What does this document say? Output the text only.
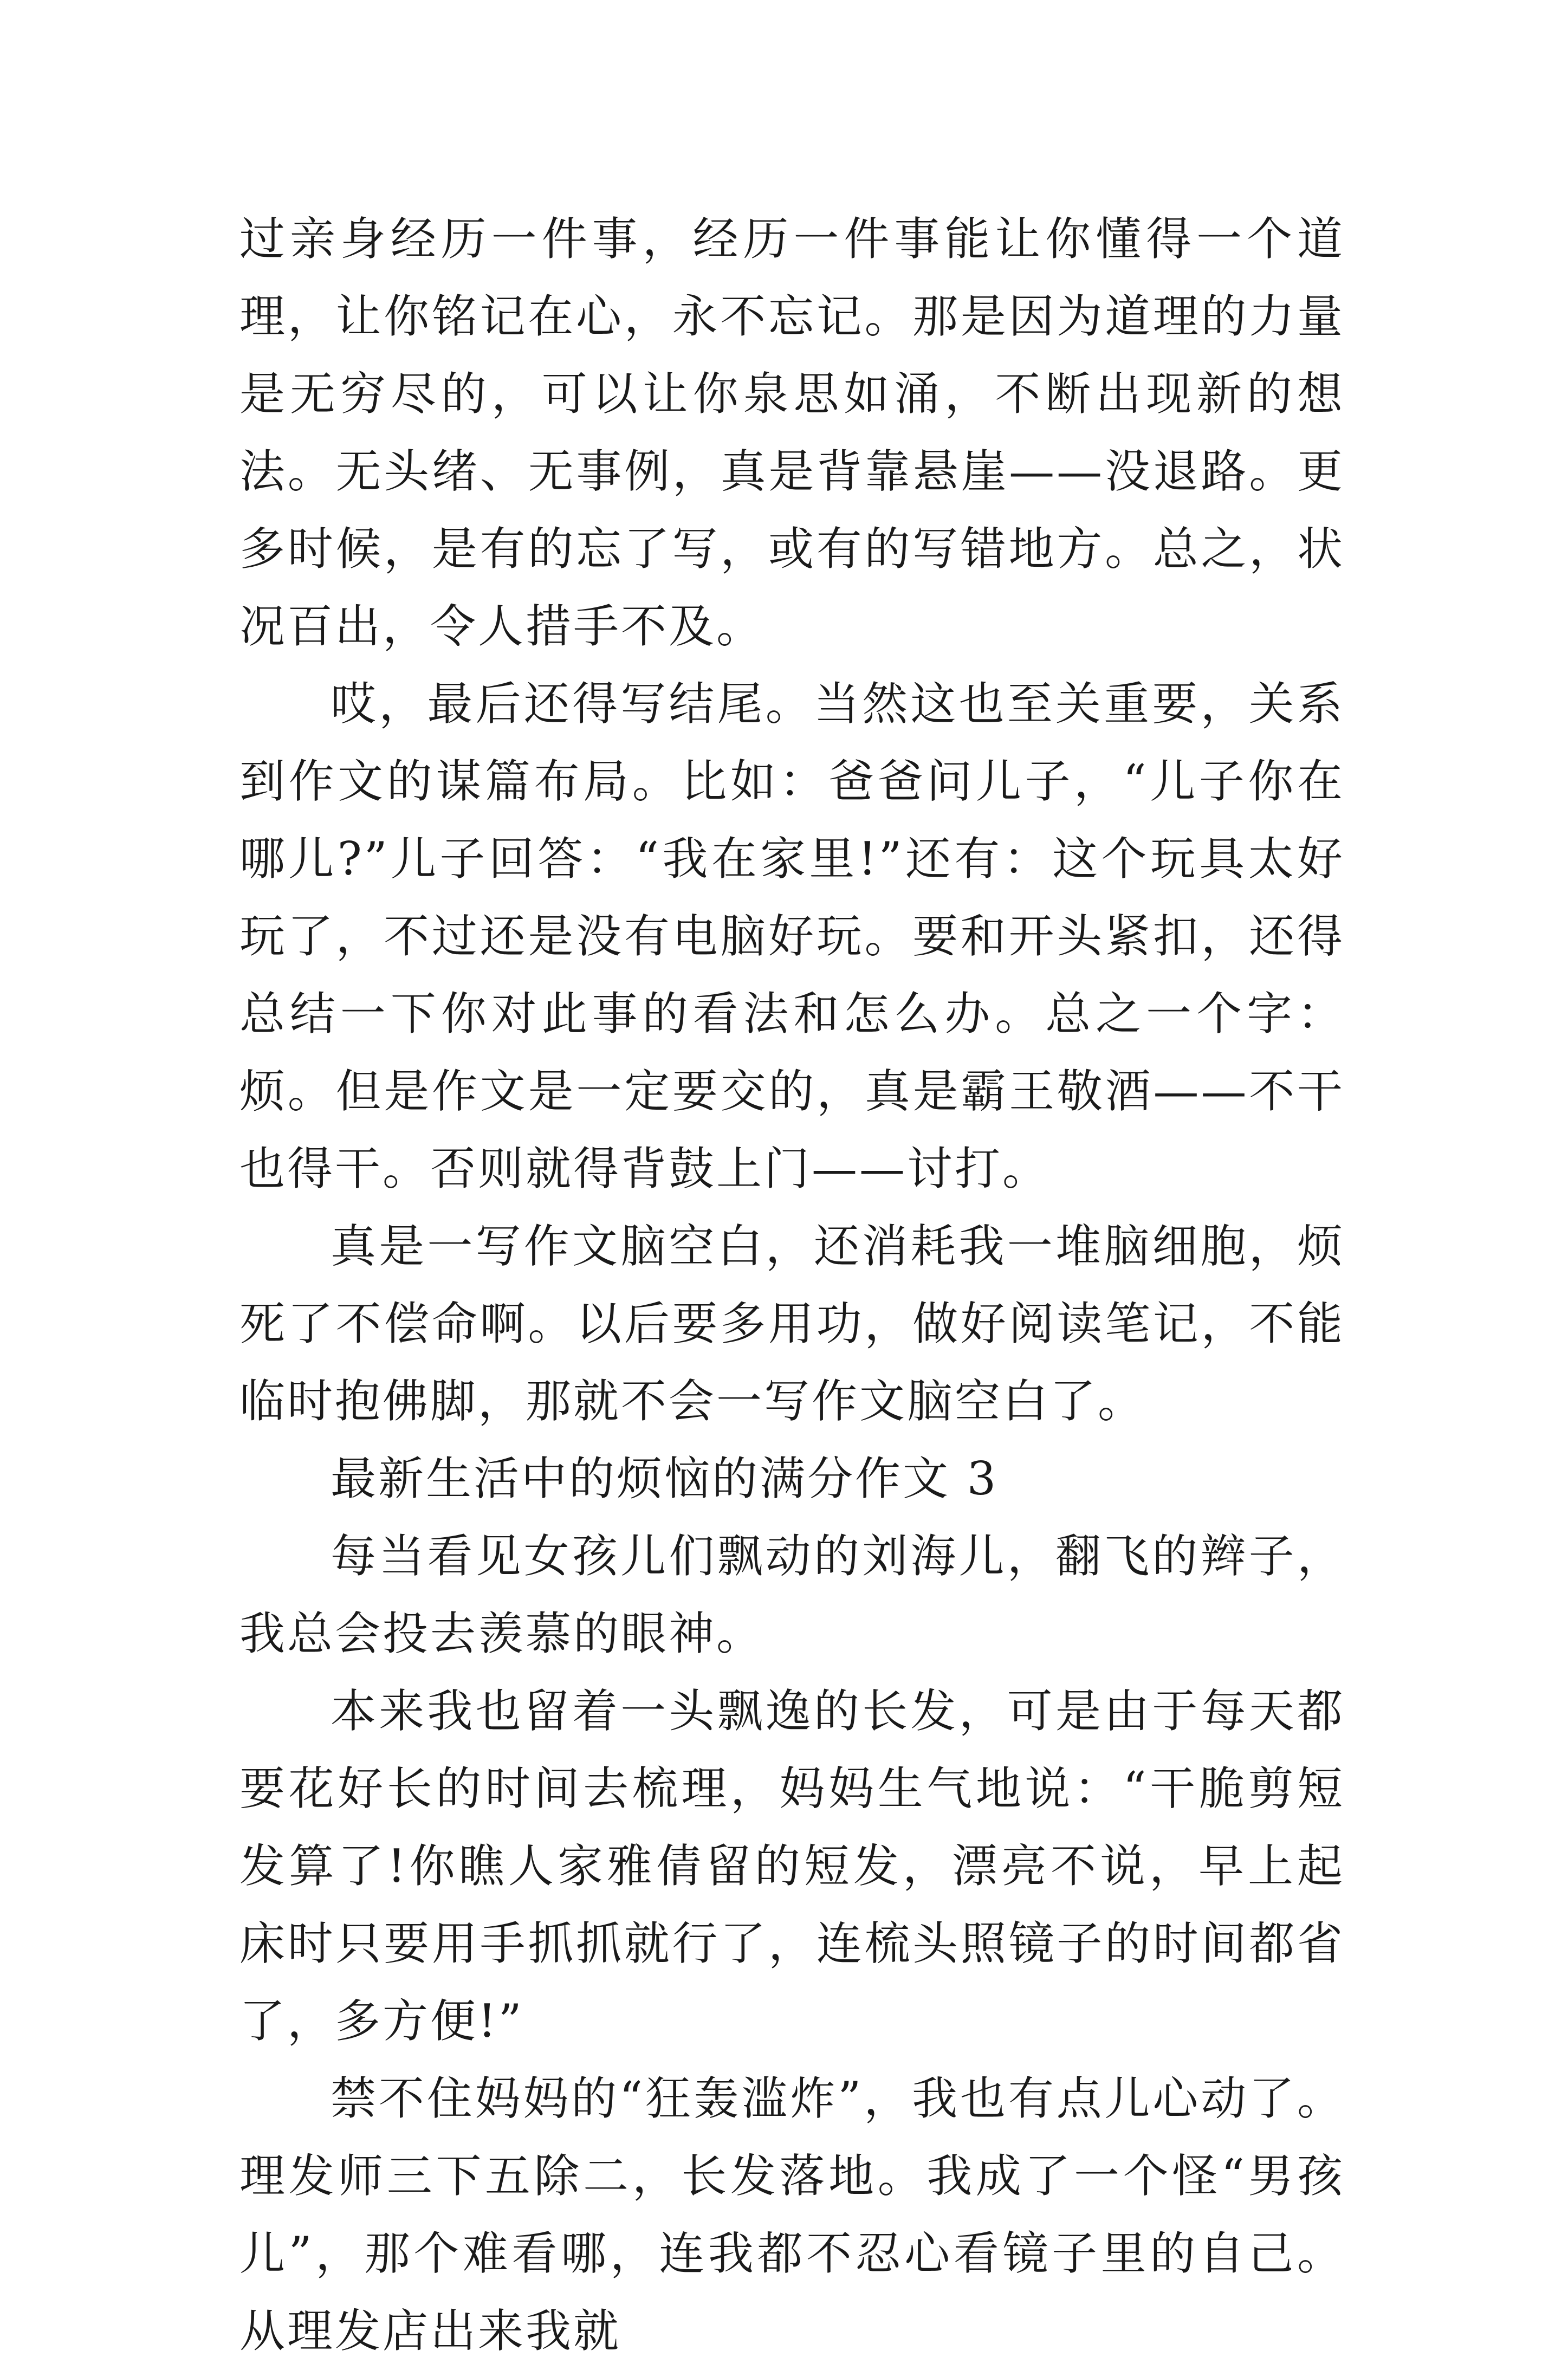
过亲身经历一件事，经历一件事能让你懂得一个道理，让你铭记在心，永不忘记。那是因为道理的力量是无穷尽的，可以让你泉思如涌，不断出现新的想法。无头绪、无事例，真是背靠悬崖——没退路。更多时候，是有的忘了写，或有的写错地方。总之，状况百出，令人措手不及。

哎，最后还得写结尾。当然这也至关重要，关系到作文的谋篇布局。比如：爸爸问儿子，“儿子你在哪儿?”儿子回答：“我在家里!”还有：这个玩具太好玩了，不过还是没有电脑好玩。要和开头紧扣，还得总结一下你对此事的看法和怎么办。总之一个字：烦。但是作文是一定要交的，真是霸王敬酒——不干也得干。否则就得背鼓上门——讨打。

真是一写作文脑空白，还消耗我一堆脑细胞，烦死了不偿命啊。以后要多用功，做好阅读笔记，不能临时抱佛脚，那就不会一写作文脑空白了。

最新生活中的烦恼的满分作文 3

每当看见女孩儿们飘动的刘海儿，翻飞的辫子，我总会投去羡慕的眼神。

本来我也留着一头飘逸的长发，可是由于每天都要花好长的时间去梳理，妈妈生气地说：“干脆剪短发算了!你瞧人家雅倩留的短发，漂亮不说，早上起床时只要用手抓抓就行了，连梳头照镜子的时间都省了，多方便!”

禁不住妈妈的“狂轰滥炸”，我也有点儿心动了。理发师三下五除二，长发落地。我成了一个怪“男孩儿”，那个难看哪，连我都不忍心看镜子里的自己。从理发店出来我就
